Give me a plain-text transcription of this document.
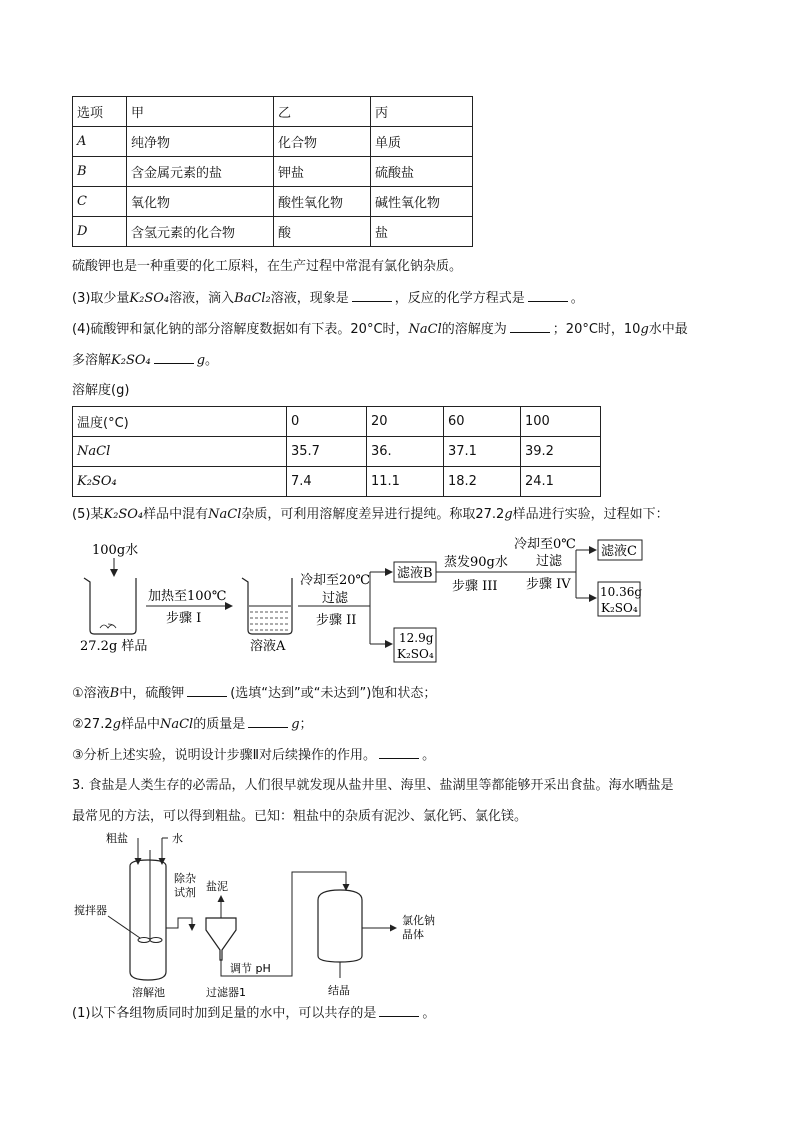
选项	甲	乙	丙
A	纯净物	化合物	单质
B	含金属元素的盐	钾盐	硫酸盐
C	氧化物	酸性氧化物	碱性氧化物
D	含氢元素的化合物	酸	盐
硫酸钾也是一种重要的化工原料，在生产过程中常混有氯化钠杂质。
(3)取少量K₂SO₄溶液，滴入BaCl₂溶液，现象是	，反应的化学方程式是	。
(4)硫酸钾和氯化钠的部分溶解度数据如有下表。20°C时，NaCl的溶解度为	；20°C时，10g水中最
多溶解K₂SO₄	g。
溶解度(g)
温度(°C)	0	20	60	100
NaCl	35.7	36.	37.1	39.2
K₂SO₄	7.4	11.1	18.2	24.1
(5)某K₂SO₄样品中混有NaCl杂质，可利用溶解度差异进行提纯。称取27.2g样品进行实验，过程如下：
100g水
27.2g 样品
加热至100℃
步骤 I
溶液A
冷却至20℃
过滤
步骤 II
滤液B
12.9g
K₂SO₄
蒸发90g水
步骤 III
冷却至0℃
过滤
步骤 IV
滤液C
10.36g
K₂SO₄
①溶液B中，硫酸钾	(选填“达到”或“未达到”)饱和状态；
②27.2g样品中NaCl的质量是	g；
③分析上述实验，说明设计步骤Ⅱ对后续操作的作用。	。
3. 食盐是人类生存的必需品，人们很早就发现从盐井里、海里、盐湖里等都能够开采出食盐。海水晒盐是
最常见的方法，可以得到粗盐。已知：粗盐中的杂质有泥沙、氯化钙、氯化镁。
粗盐	水
搅拌器
溶解池
除杂
试剂 盐泥
过滤器1
调节 pH
结晶
氯化钠
晶体
(1)以下各组物质同时加到足量的水中，可以共存的是	。
